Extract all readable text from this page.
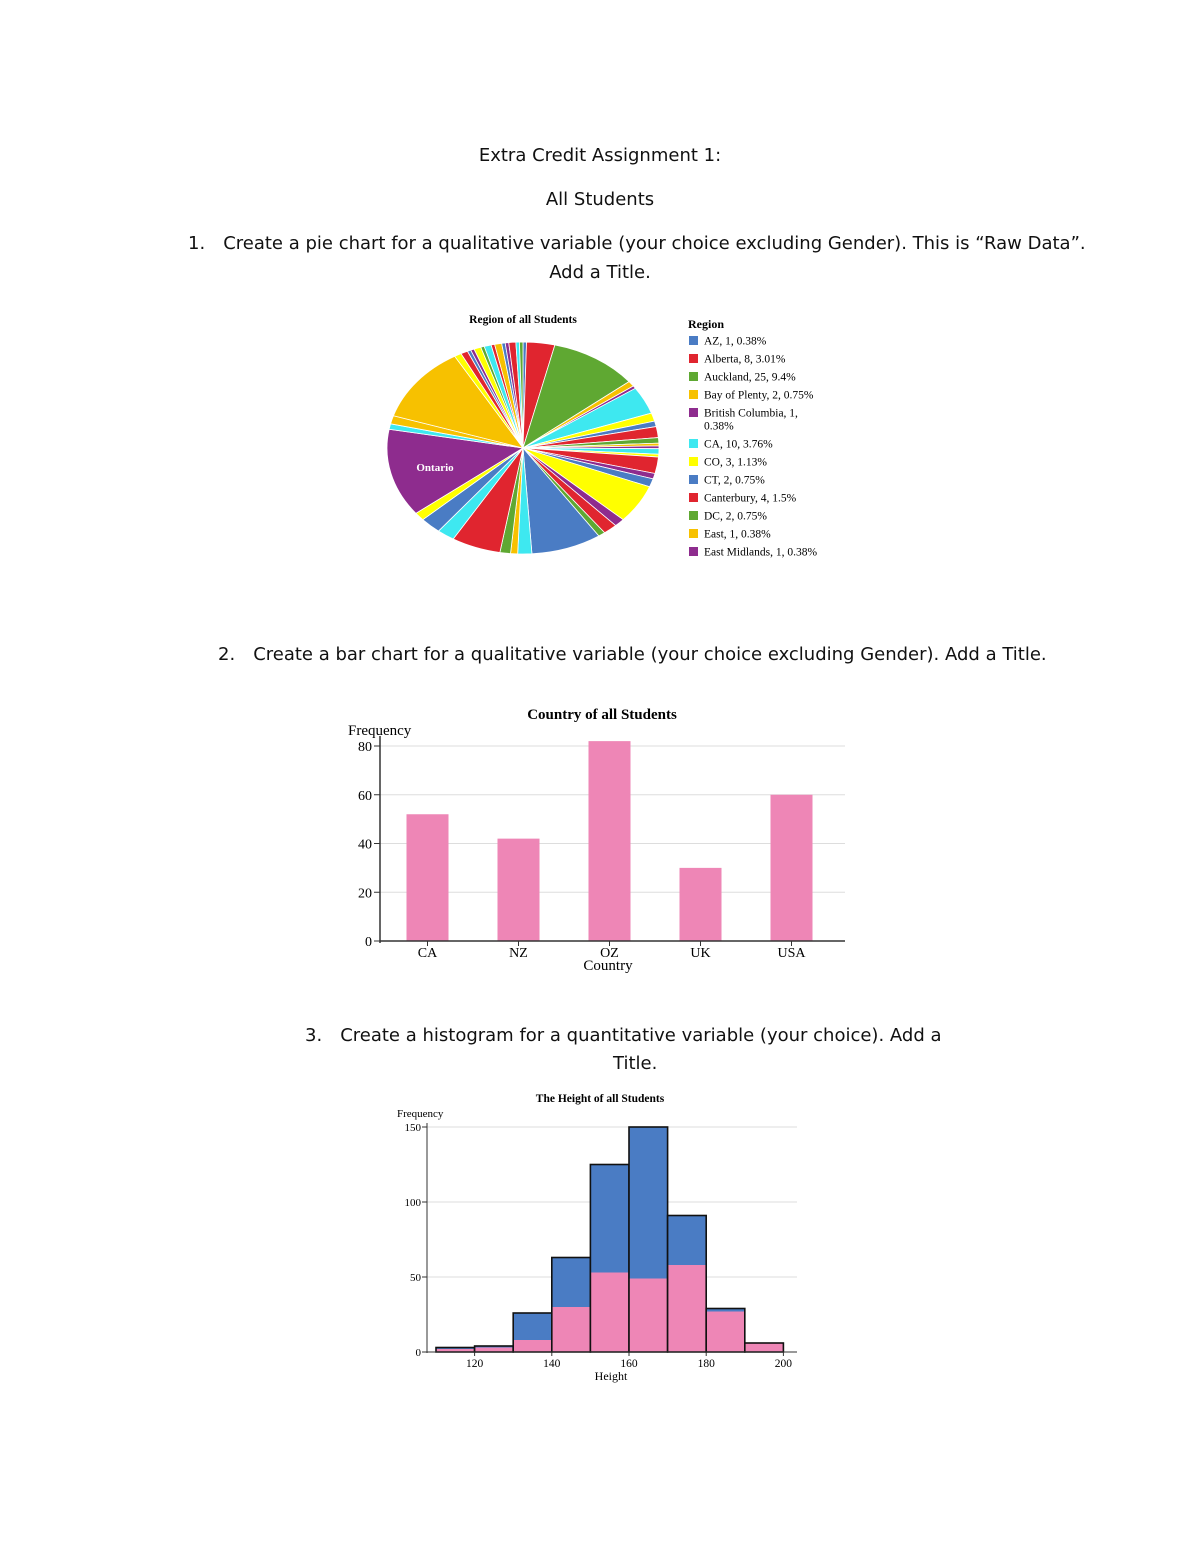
Extra Credit Assignment 1:
All Students
1. Create a pie chart for a qualitative variable (your choice excluding Gender). This is “Raw Data”.
Add a Title.
Region of all Students
Ontario
Region
AZ, 1, 0.38%
Alberta, 8, 3.01%
Auckland, 25, 9.4%
Bay of Plenty, 2, 0.75%
British Columbia, 1,
0.38%
CA, 10, 3.76%
CO, 3, 1.13%
CT, 2, 0.75%
Canterbury, 4, 1.5%
DC, 2, 0.75%
East, 1, 0.38%
East Midlands, 1, 0.38%
2. Create a bar chart for a qualitative variable (your choice excluding Gender). Add a Title.
Country of all Students
Frequency
Country
0
20
40
60
80
CA	NZ	OZ	UK	USA
3. Create a histogram for a quantitative variable (your choice). Add a
Title.
The Height of all Students
Frequency
Height
0
50
100
150
120	140	160	180	200
